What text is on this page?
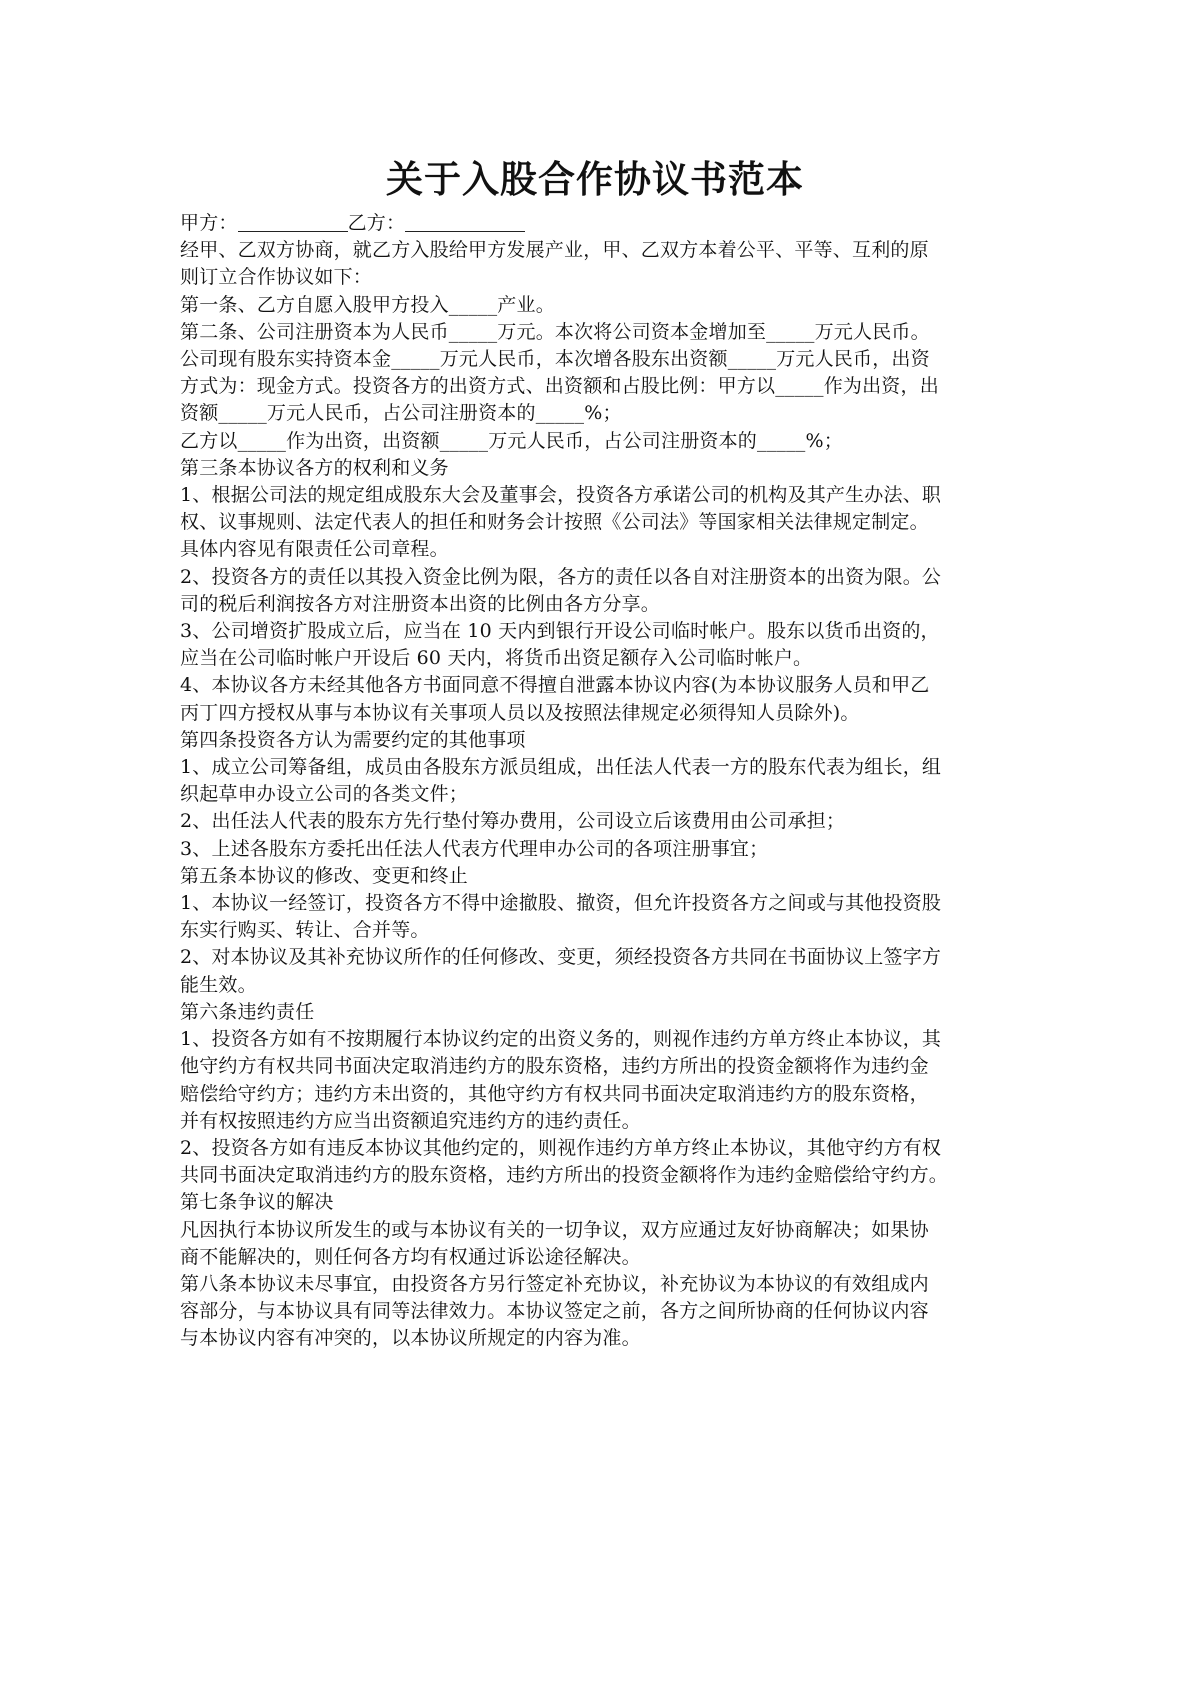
关于入股合作协议书范本

甲方：	乙方：

经甲、乙双方协商，就乙方入股给甲方发展产业，甲、乙双方本着公平、平等、互利的原

则订立合作协议如下：

第一条、乙方自愿入股甲方投入_____产业。

第二条、公司注册资本为人民币_____万元。本次将公司资本金增加至_____万元人民币。

公司现有股东实持资本金_____万元人民币，本次增各股东出资额_____万元人民币，出资

方式为：现金方式。投资各方的出资方式、出资额和占股比例：甲方以_____作为出资，出

资额_____万元人民币，占公司注册资本的_____%；

乙方以_____作为出资，出资额_____万元人民币，占公司注册资本的_____%；

第三条本协议各方的权利和义务

1、根据公司法的规定组成股东大会及董事会，投资各方承诺公司的机构及其产生办法、职

权、议事规则、法定代表人的担任和财务会计按照《公司法》等国家相关法律规定制定。

具体内容见有限责任公司章程。

2、投资各方的责任以其投入资金比例为限，各方的责任以各自对注册资本的出资为限。公

司的税后利润按各方对注册资本出资的比例由各方分享。

3、公司增资扩股成立后，应当在 10 天内到银行开设公司临时帐户。股东以货币出资的，

应当在公司临时帐户开设后 60 天内，将货币出资足额存入公司临时帐户。

4、本协议各方未经其他各方书面同意不得擅自泄露本协议内容(为本协议服务人员和甲乙

丙丁四方授权从事与本协议有关事项人员以及按照法律规定必须得知人员除外)。

第四条投资各方认为需要约定的其他事项

1、成立公司筹备组，成员由各股东方派员组成，出任法人代表一方的股东代表为组长，组

织起草申办设立公司的各类文件；

2、出任法人代表的股东方先行垫付筹办费用，公司设立后该费用由公司承担；

3、上述各股东方委托出任法人代表方代理申办公司的各项注册事宜；

第五条本协议的修改、变更和终止

1、本协议一经签订，投资各方不得中途撤股、撤资，但允许投资各方之间或与其他投资股

东实行购买、转让、合并等。

2、对本协议及其补充协议所作的任何修改、变更，须经投资各方共同在书面协议上签字方

能生效。

第六条违约责任

1、投资各方如有不按期履行本协议约定的出资义务的，则视作违约方单方终止本协议，其

他守约方有权共同书面决定取消违约方的股东资格，违约方所出的投资金额将作为违约金

赔偿给守约方；违约方未出资的，其他守约方有权共同书面决定取消违约方的股东资格，

并有权按照违约方应当出资额追究违约方的违约责任。

2、投资各方如有违反本协议其他约定的，则视作违约方单方终止本协议，其他守约方有权

共同书面决定取消违约方的股东资格，违约方所出的投资金额将作为违约金赔偿给守约方。

第七条争议的解决

凡因执行本协议所发生的或与本协议有关的一切争议，双方应通过友好协商解决；如果协

商不能解决的，则任何各方均有权通过诉讼途径解决。

第八条本协议未尽事宜，由投资各方另行签定补充协议，补充协议为本协议的有效组成内

容部分，与本协议具有同等法律效力。本协议签定之前，各方之间所协商的任何协议内容

与本协议内容有冲突的，以本协议所规定的内容为准。
